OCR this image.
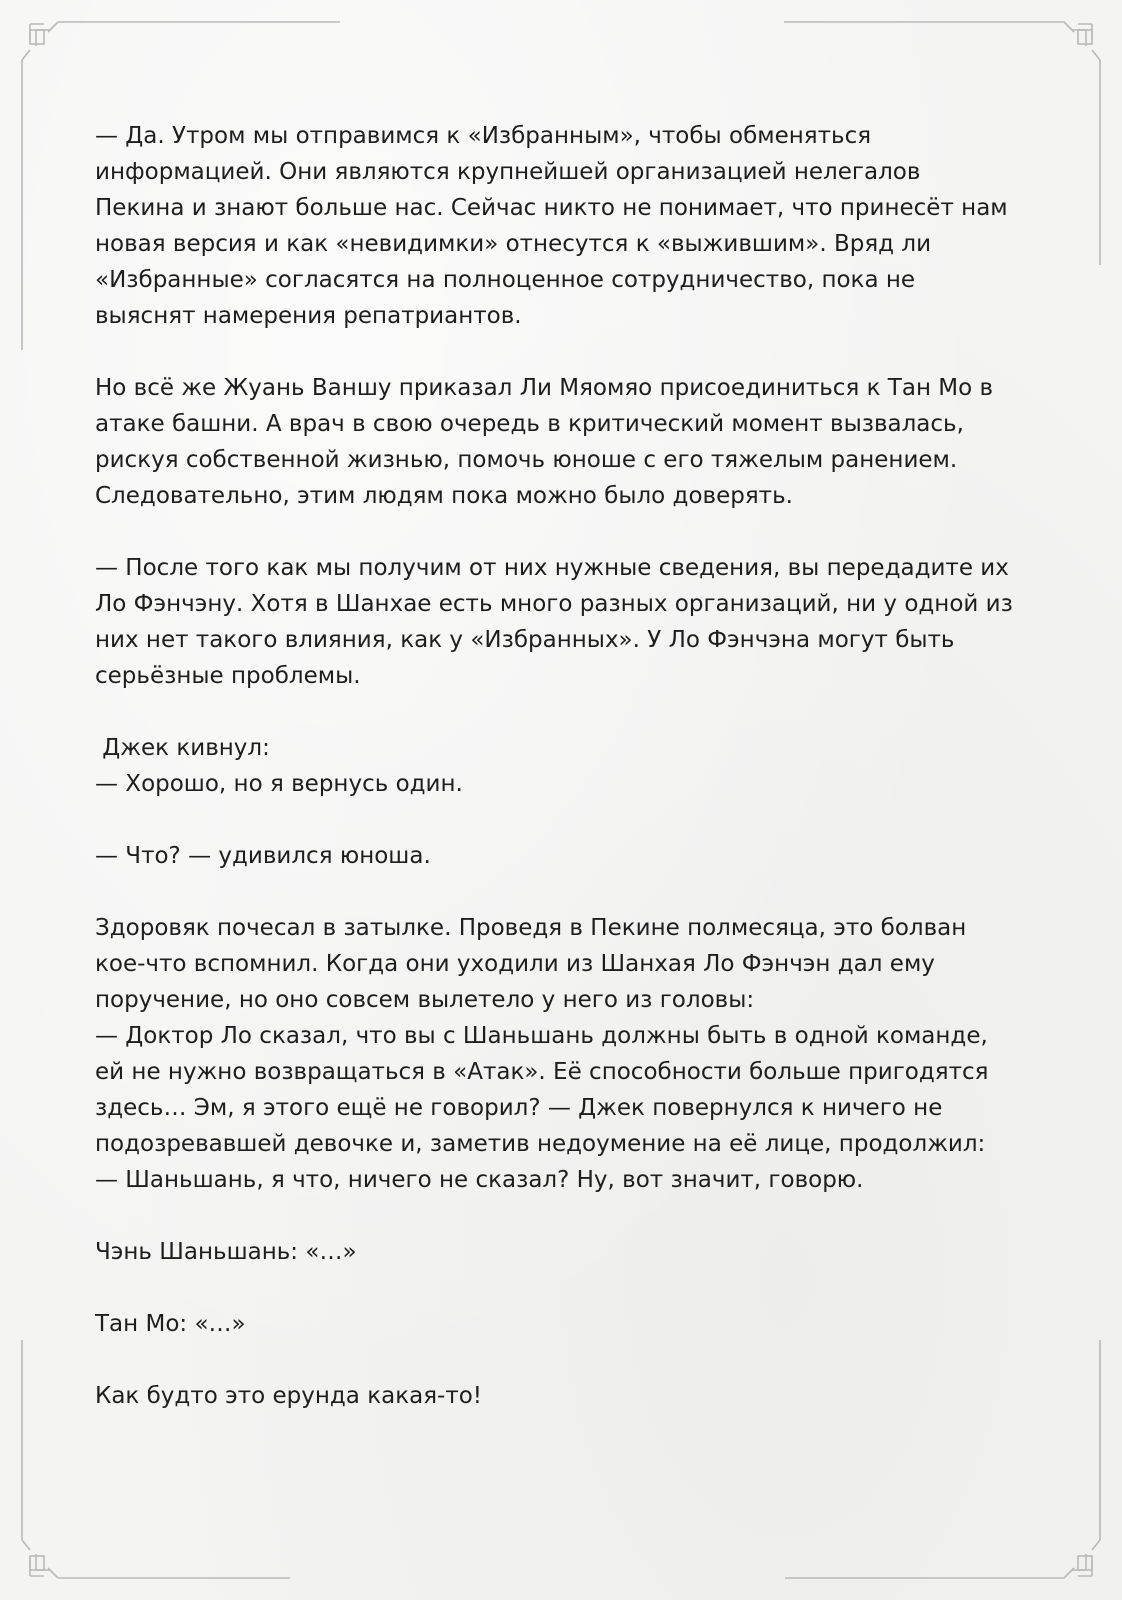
— Да. Утром мы отправимся к «Избранным», чтобы обменяться
информацией. Они являются крупнейшей организацией нелегалов
Пекина и знают больше нас. Сейчас никто не понимает, что принесёт нам
новая версия и как «невидимки» отнесутся к «выжившим». Вряд ли
«Избранные» согласятся на полноценное сотрудничество, пока не
выяснят намерения репатриантов.

Но всё же Жуань Ваншу приказал Ли Мяомяо присоединиться к Тан Мо в
атаке башни. А врач в свою очередь в критический момент вызвалась,
рискуя собственной жизнью, помочь юноше с его тяжелым ранением.
Следовательно, этим людям пока можно было доверять.

— После того как мы получим от них нужные сведения, вы передадите их
Ло Фэнчэну. Хотя в Шанхае есть много разных организаций, ни у одной из
них нет такого влияния, как у «Избранных». У Ло Фэнчэна могут быть
серьёзные проблемы.

Джек кивнул:
— Хорошо, но я вернусь один.

— Что? — удивился юноша.

Здоровяк почесал в затылке. Проведя в Пекине полмесяца, это болван
кое-что вспомнил. Когда они уходили из Шанхая Ло Фэнчэн дал ему
поручение, но оно совсем вылетело у него из головы:
— Доктор Ло сказал, что вы с Шаньшань должны быть в одной команде,
ей не нужно возвращаться в «Атак». Её способности больше пригодятся
здесь… Эм, я этого ещё не говорил? — Джек повернулся к ничего не
подозревавшей девочке и, заметив недоумение на её лице, продолжил:
— Шаньшань, я что, ничего не сказал? Ну, вот значит, говорю.

Чэнь Шаньшань: «…»

Тан Мо: «…»

Как будто это ерунда какая-то!
